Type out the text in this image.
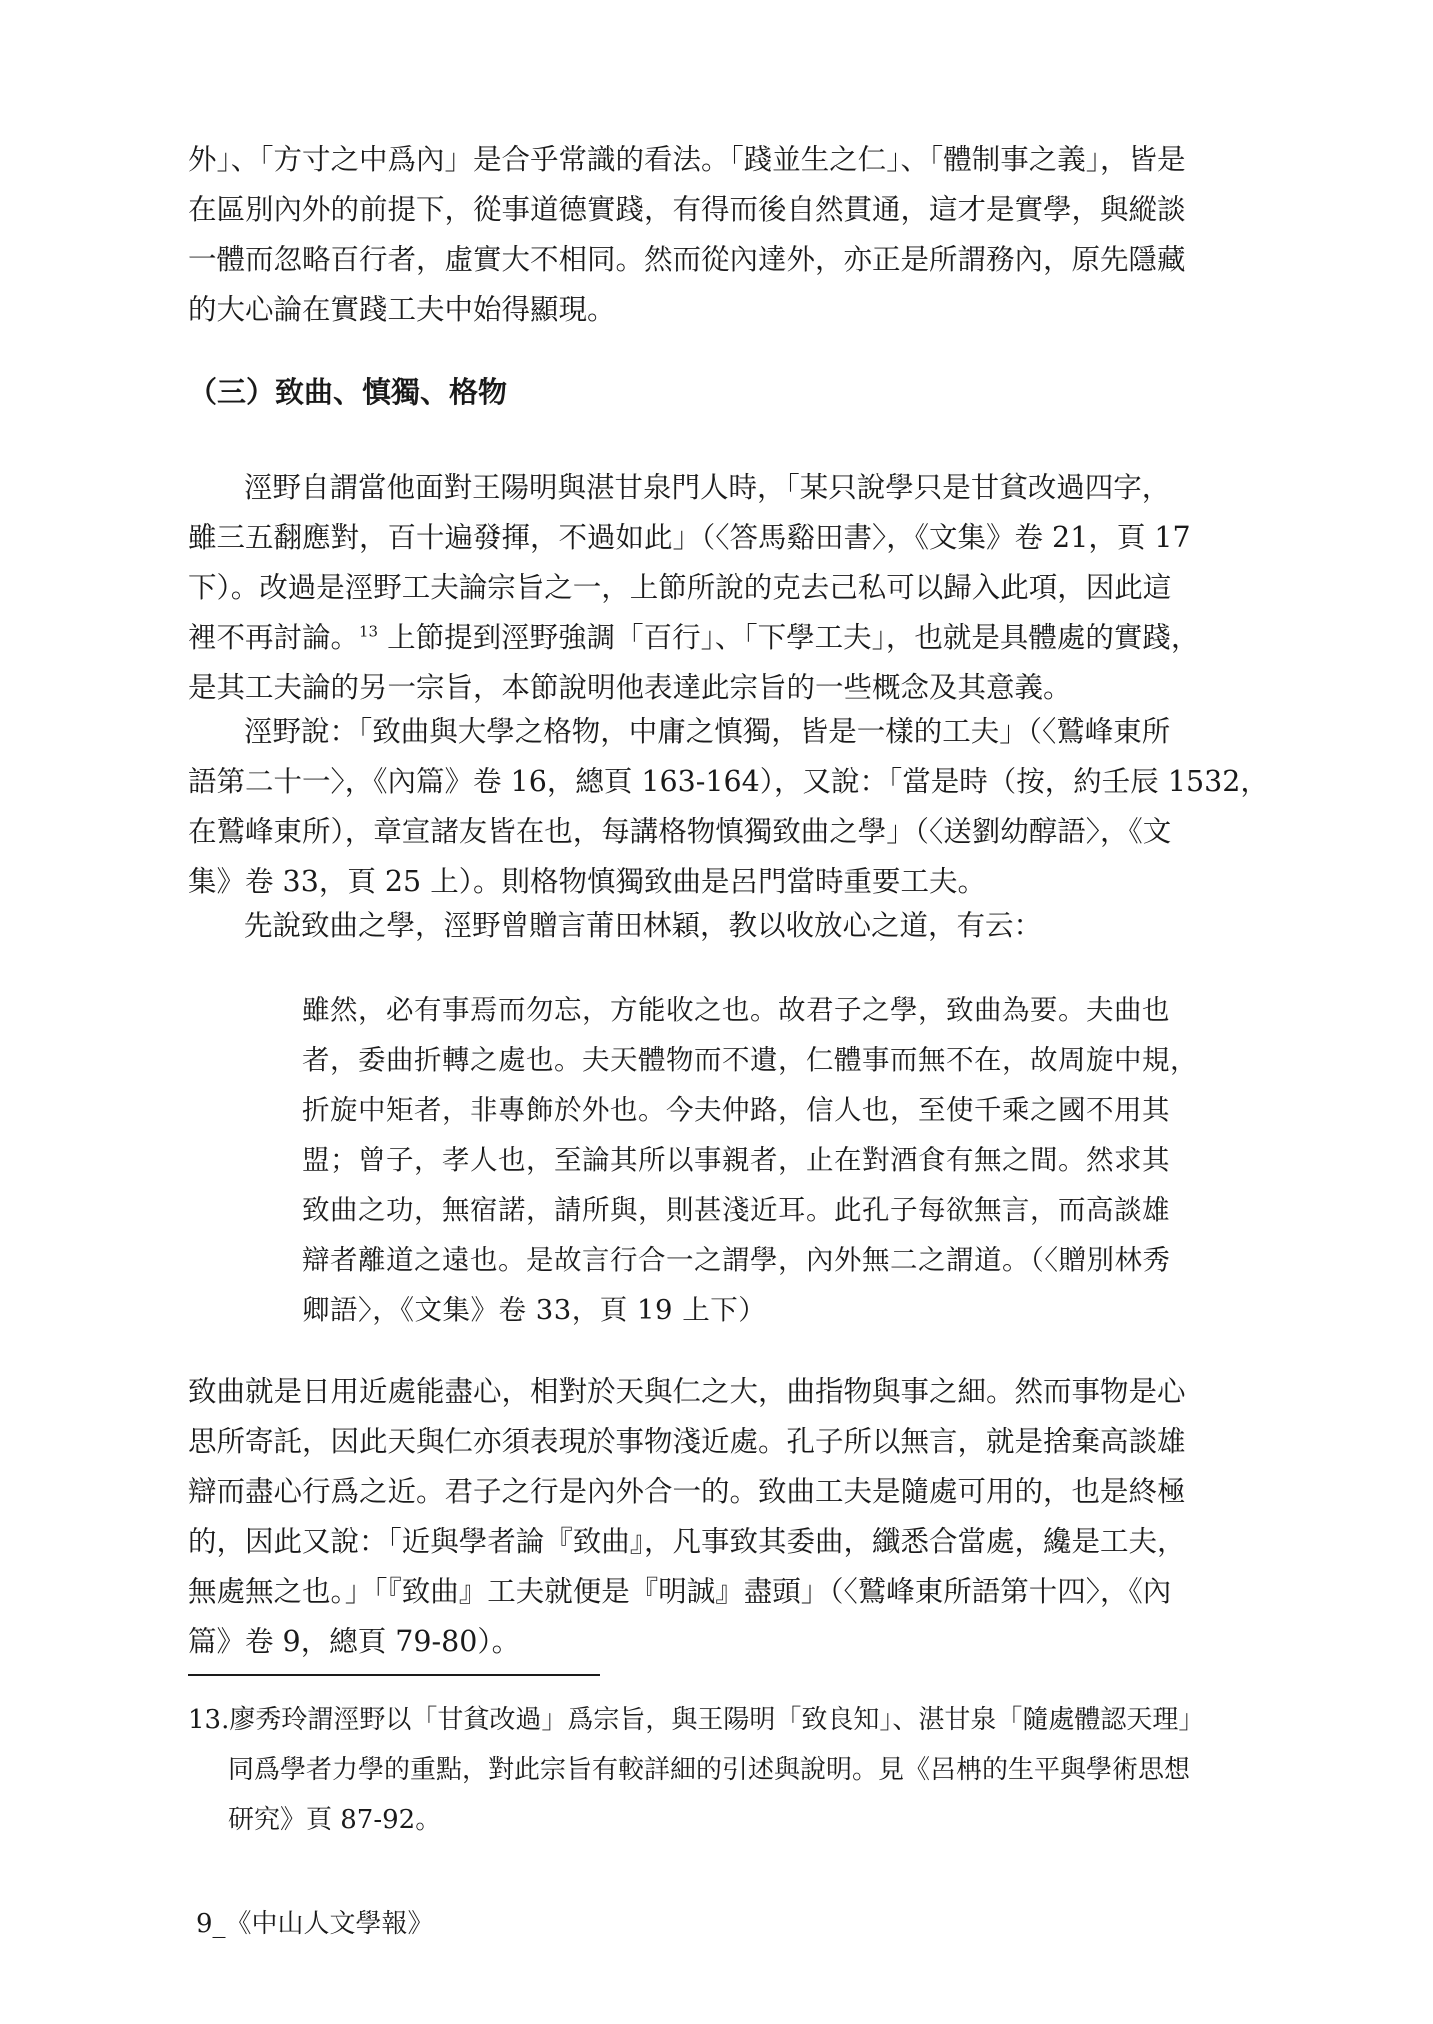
外」、「方寸之中爲內」是合乎常識的看法。「踐並生之仁」、「體制事之義」，皆是

在區別內外的前提下，從事道德實踐，有得而後自然貫通，這才是實學，與縱談

一體而忽略百行者，虛實大不相同。然而從內達外，亦正是所謂務內，原先隱藏

的大心論在實踐工夫中始得顯現。

（三）致曲、慎獨、格物

涇野自謂當他面對王陽明與湛甘泉門人時，「某只說學只是甘貧改過四字，

雖三五翻應對，百十遍發揮，不過如此」（〈答馬谿田書〉，《文集》卷 21，頁 17

下）。改過是涇野工夫論宗旨之一，上節所說的克去己私可以歸入此項，因此這

裡不再討論。$^{13}$ 上節提到涇野強調「百行」、「下學工夫」，也就是具體處的實踐，

是其工夫論的另一宗旨，本節說明他表達此宗旨的一些概念及其意義。

涇野說：「致曲與大學之格物，中庸之慎獨，皆是一樣的工夫」（〈鷲峰東所

語第二十一〉，《內篇》卷 16，總頁 163-164），又說：「當是時（按，約壬辰 1532，

在鷲峰東所），章宣諸友皆在也，每講格物慎獨致曲之學」（〈送劉幼醇語〉，《文

集》卷 33，頁 25 上）。則格物慎獨致曲是呂門當時重要工夫。

先說致曲之學，涇野曾贈言莆田林穎，教以收放心之道，有云：

雖然，必有事焉而勿忘，方能收之也。故君子之學，致曲為要。夫曲也

者，委曲折轉之處也。夫天體物而不遺，仁體事而無不在，故周旋中規，

折旋中矩者，非專飾於外也。今夫仲路，信人也，至使千乘之國不用其

盟；曾子，孝人也，至論其所以事親者，止在對酒食有無之間。然求其

致曲之功，無宿諾，請所與，則甚淺近耳。此孔子每欲無言，而高談雄

辯者離道之遠也。是故言行合一之謂學，內外無二之謂道。（〈贈別林秀

卿語〉，《文集》卷 33，頁 19 上下）

致曲就是日用近處能盡心，相對於天與仁之大，曲指物與事之細。然而事物是心

思所寄託，因此天與仁亦須表現於事物淺近處。孔子所以無言，就是捨棄高談雄

辯而盡心行爲之近。君子之行是內外合一的。致曲工夫是隨處可用的，也是終極

的，因此又說：「近與學者論『致曲』，凡事致其委曲，纖悉合當處，纔是工夫，

無處無之也。」「『致曲』工夫就便是『明誠』盡頭」（〈鷲峰東所語第十四〉，《內

篇》卷 9，總頁 79-80）。

13.廖秀玲謂涇野以「甘貧改過」爲宗旨，與王陽明「致良知」、湛甘泉「隨處體認天理」

同爲學者力學的重點，對此宗旨有較詳細的引述與說明。見《呂柟的生平與學術思想

研究》頁 87-92。

9_《中山人文學報》
